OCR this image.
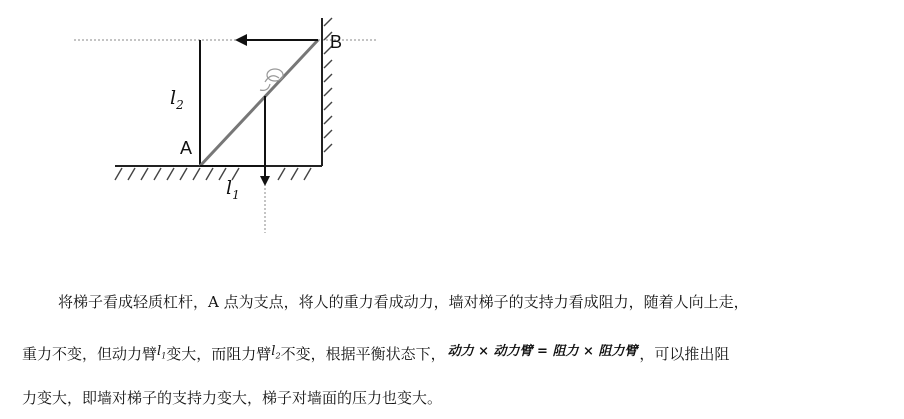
B
A
$l_2$
$l_1$
将梯子看成轻质杠杆，A 点为支点，将人的重力看成动力，墙对梯子的支持力看成阻力，随着人向上走，
重力不变，但动力臂$l_1$变大，而阻力臂$l_2$不变，根据平衡状态下， 动力 × 动力臂 = 阻力 × 阻力臂 ，可以推出阻
力变大，即墙对梯子的支持力变大，梯子对墙面的压力也变大。
